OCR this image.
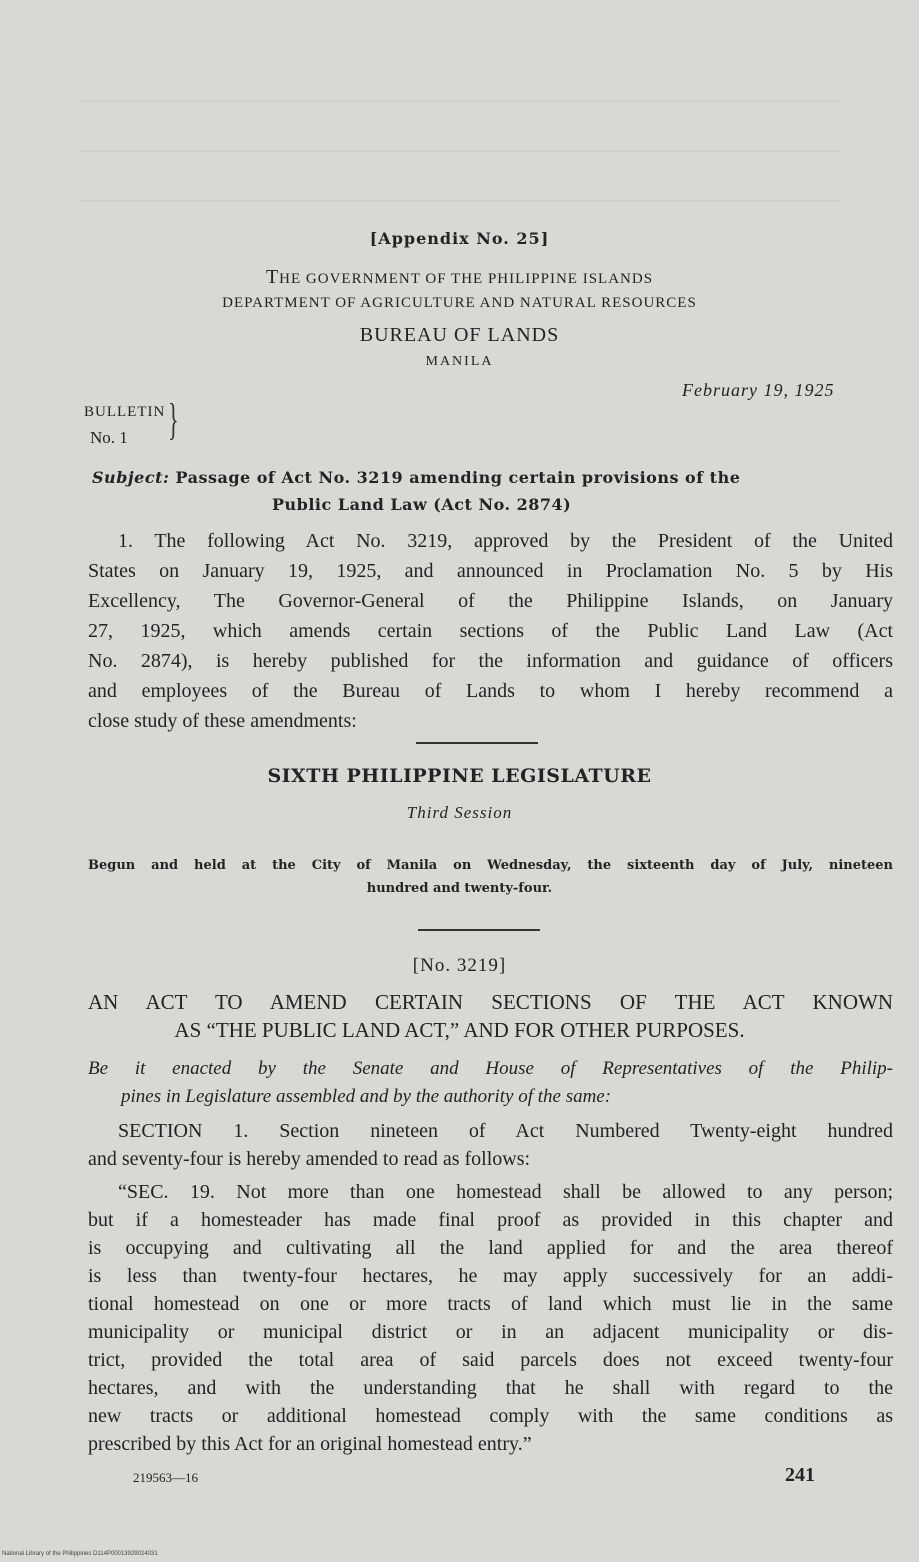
[Appendix No. 25]
THE GOVERNMENT OF THE PHILIPPINE ISLANDS
DEPARTMENT OF AGRICULTURE AND NATURAL RESOURCES
BUREAU OF LANDS
MANILA
February 19, 1925
BULLETIN
No. 1 }
Subject: Passage of Act No. 3219 amending certain provisions of the
Public Land Law (Act No. 2874)
1. The following Act No. 3219, approved by the President of the United
States on January 19, 1925, and announced in Proclamation No. 5 by His
Excellency, The Governor-General of the Philippine Islands, on January
27, 1925, which amends certain sections of the Public Land Law (Act
No. 2874), is hereby published for the information and guidance of officers
and employees of the Bureau of Lands to whom I hereby recommend a
close study of these amendments:
SIXTH PHILIPPINE LEGISLATURE
Third Session
Begun and held at the City of Manila on Wednesday, the sixteenth day of July, nineteen
hundred and twenty-four.
[No. 3219]
AN ACT TO AMEND CERTAIN SECTIONS OF THE ACT KNOWN
AS “THE PUBLIC LAND ACT,” AND FOR OTHER PURPOSES.
Be it enacted by the Senate and House of Representatives of the Philip-
pines in Legislature assembled and by the authority of the same:
SECTION 1. Section nineteen of Act Numbered Twenty-eight hundred
and seventy-four is hereby amended to read as follows:
“SEC. 19. Not more than one homestead shall be allowed to any person;
but if a homesteader has made final proof as provided in this chapter and
is occupying and cultivating all the land applied for and the area thereof
is less than twenty-four hectares, he may apply successively for an addi-
tional homestead on one or more tracts of land which must lie in the same
municipality or municipal district or in an adjacent municipality or dis-
trict, provided the total area of said parcels does not exceed twenty-four
hectares, and with the understanding that he shall with regard to the
new tracts or additional homestead comply with the same conditions as
prescribed by this Act for an original homestead entry.”
219563—16	241
National Library of the Philippines D114P00013929024031
